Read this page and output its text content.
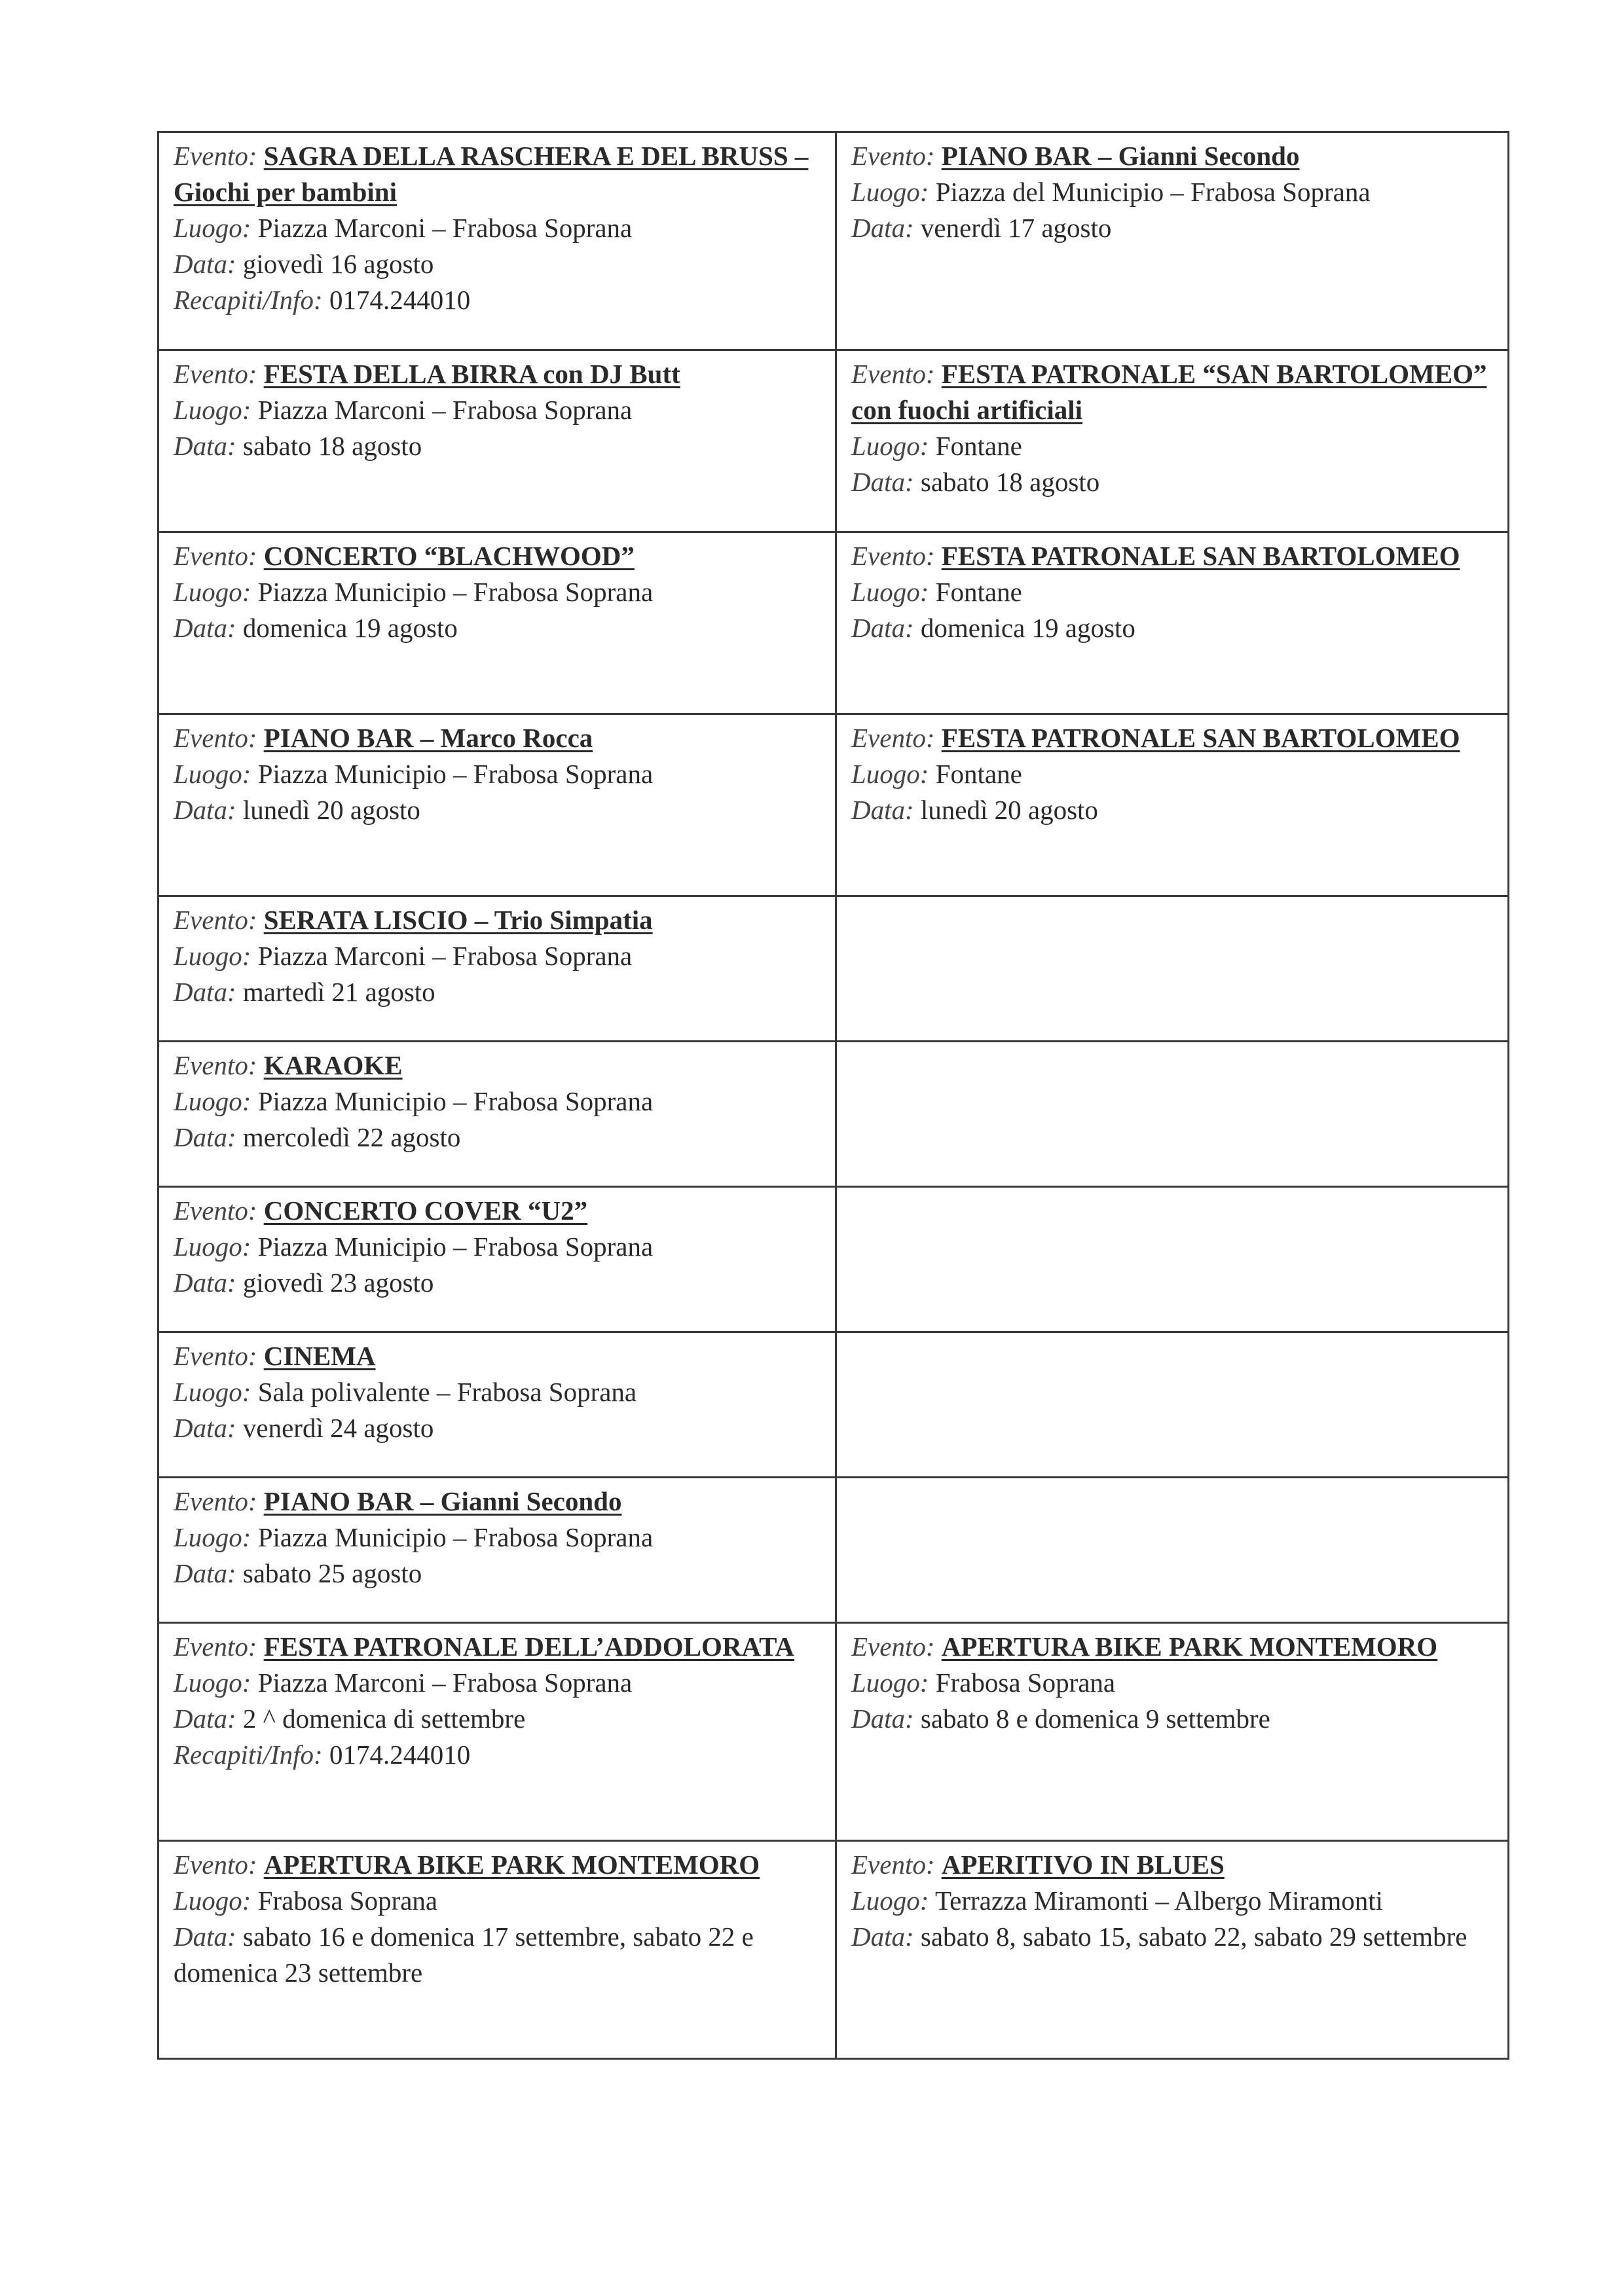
Evento: SAGRA DELLA RASCHERA E DEL BRUSS – Giochi per bambini
Luogo: Piazza Marconi – Frabosa Soprana
Data: giovedì 16 agosto
Recapiti/Info: 0174.244010	Evento: PIANO BAR – Gianni Secondo
Luogo: Piazza del Municipio – Frabosa Soprana
Data: venerdì 17 agosto

Evento: FESTA DELLA BIRRA con DJ Butt
Luogo: Piazza Marconi – Frabosa Soprana
Data: sabato 18 agosto	Evento: FESTA PATRONALE “SAN BARTOLOMEO” con fuochi artificiali
Luogo: Fontane
Data: sabato 18 agosto

Evento: CONCERTO “BLACHWOOD”
Luogo: Piazza Municipio – Frabosa Soprana
Data: domenica 19 agosto	Evento: FESTA PATRONALE SAN BARTOLOMEO
Luogo: Fontane
Data: domenica 19 agosto

Evento: PIANO BAR – Marco Rocca
Luogo: Piazza Municipio – Frabosa Soprana
Data: lunedì 20 agosto	Evento: FESTA PATRONALE SAN BARTOLOMEO
Luogo: Fontane
Data: lunedì 20 agosto

Evento: SERATA LISCIO – Trio Simpatia
Luogo: Piazza Marconi – Frabosa Soprana
Data: martedì 21 agosto	

Evento: KARAOKE
Luogo: Piazza Municipio – Frabosa Soprana
Data: mercoledì 22 agosto	

Evento: CONCERTO COVER “U2”
Luogo: Piazza Municipio – Frabosa Soprana
Data: giovedì 23 agosto	

Evento: CINEMA
Luogo: Sala polivalente – Frabosa Soprana
Data: venerdì 24 agosto	

Evento: PIANO BAR – Gianni Secondo
Luogo: Piazza Municipio – Frabosa Soprana
Data: sabato 25 agosto	

Evento: FESTA PATRONALE DELL’ADDOLORATA
Luogo: Piazza Marconi – Frabosa Soprana
Data: 2 ^ domenica di settembre
Recapiti/Info: 0174.244010	Evento: APERTURA BIKE PARK MONTEMORO
Luogo: Frabosa Soprana
Data: sabato 8 e domenica 9 settembre

Evento: APERTURA BIKE PARK MONTEMORO
Luogo: Frabosa Soprana
Data: sabato 16 e domenica 17 settembre, sabato 22 e domenica 23 settembre	Evento: APERITIVO IN BLUES
Luogo: Terrazza Miramonti – Albergo Miramonti
Data: sabato 8, sabato 15, sabato 22, sabato 29 settembre
